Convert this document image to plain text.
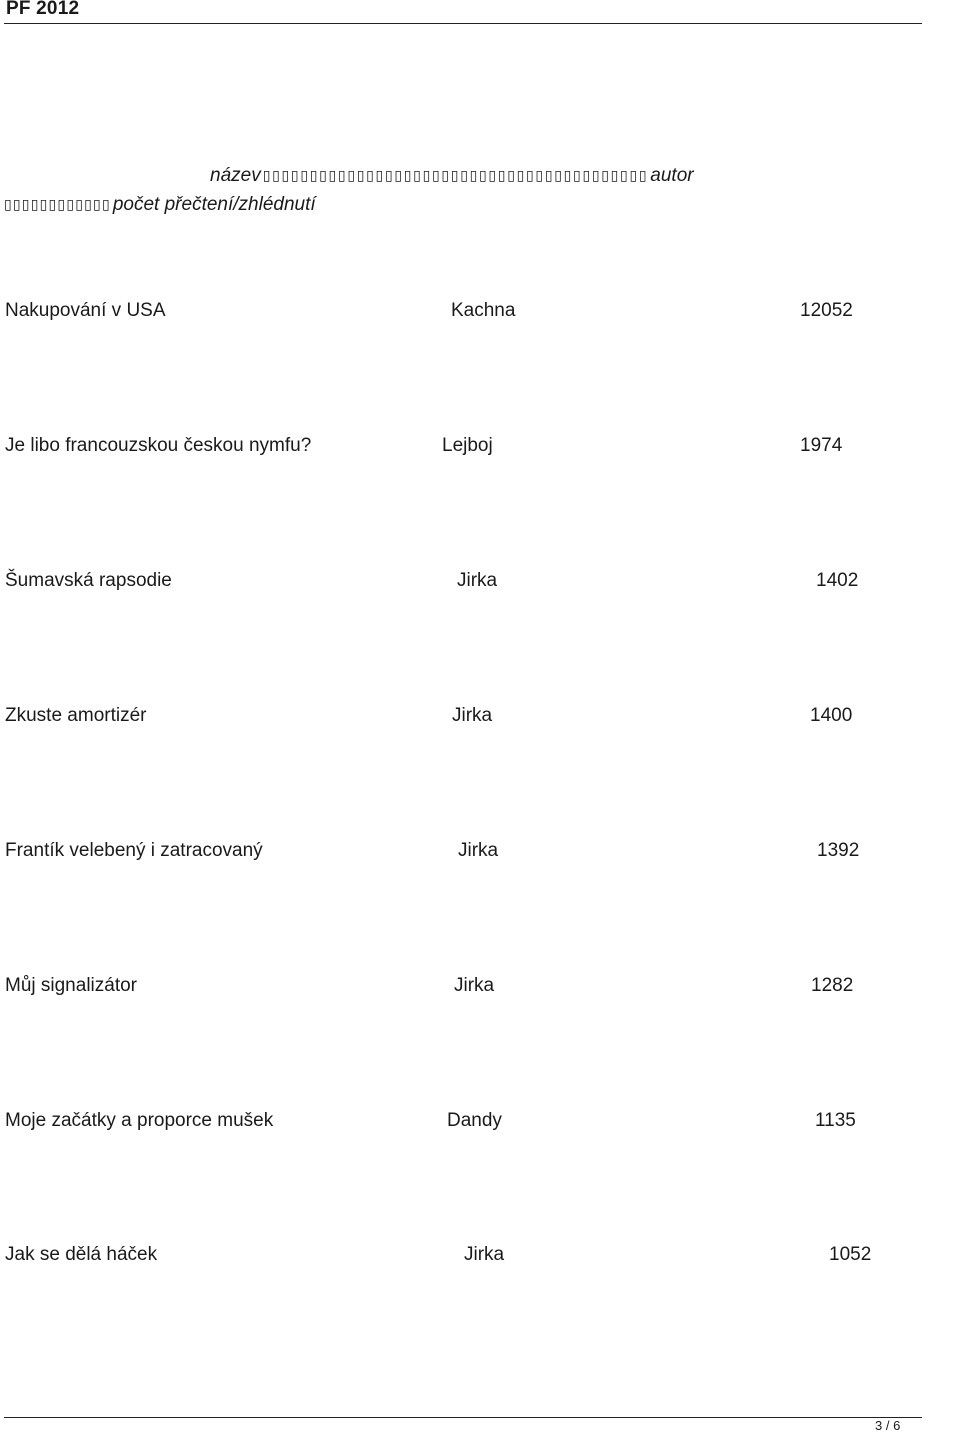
PF 2012
název ▯▯▯▯▯▯▯▯▯▯▯▯▯▯▯▯▯▯▯▯▯▯▯▯▯▯▯▯▯▯▯▯▯▯▯▯▯▯▯▯▯ autor
▯▯▯▯▯▯▯▯▯▯▯▯ počet přečtení/zhlédnutí
Nakupování v USA	Kachna	12052
Je libo francouzskou českou nymfu?	Lejboj	1974
Šumavská rapsodie	Jirka	1402
Zkuste amortizér	Jirka	1400
Frantík velebený i zatracovaný	Jirka	1392
Můj signalizátor	Jirka	1282
Moje začátky a proporce mušek	Dandy	1135
Jak se dělá háček	Jirka	1052
3 / 6
